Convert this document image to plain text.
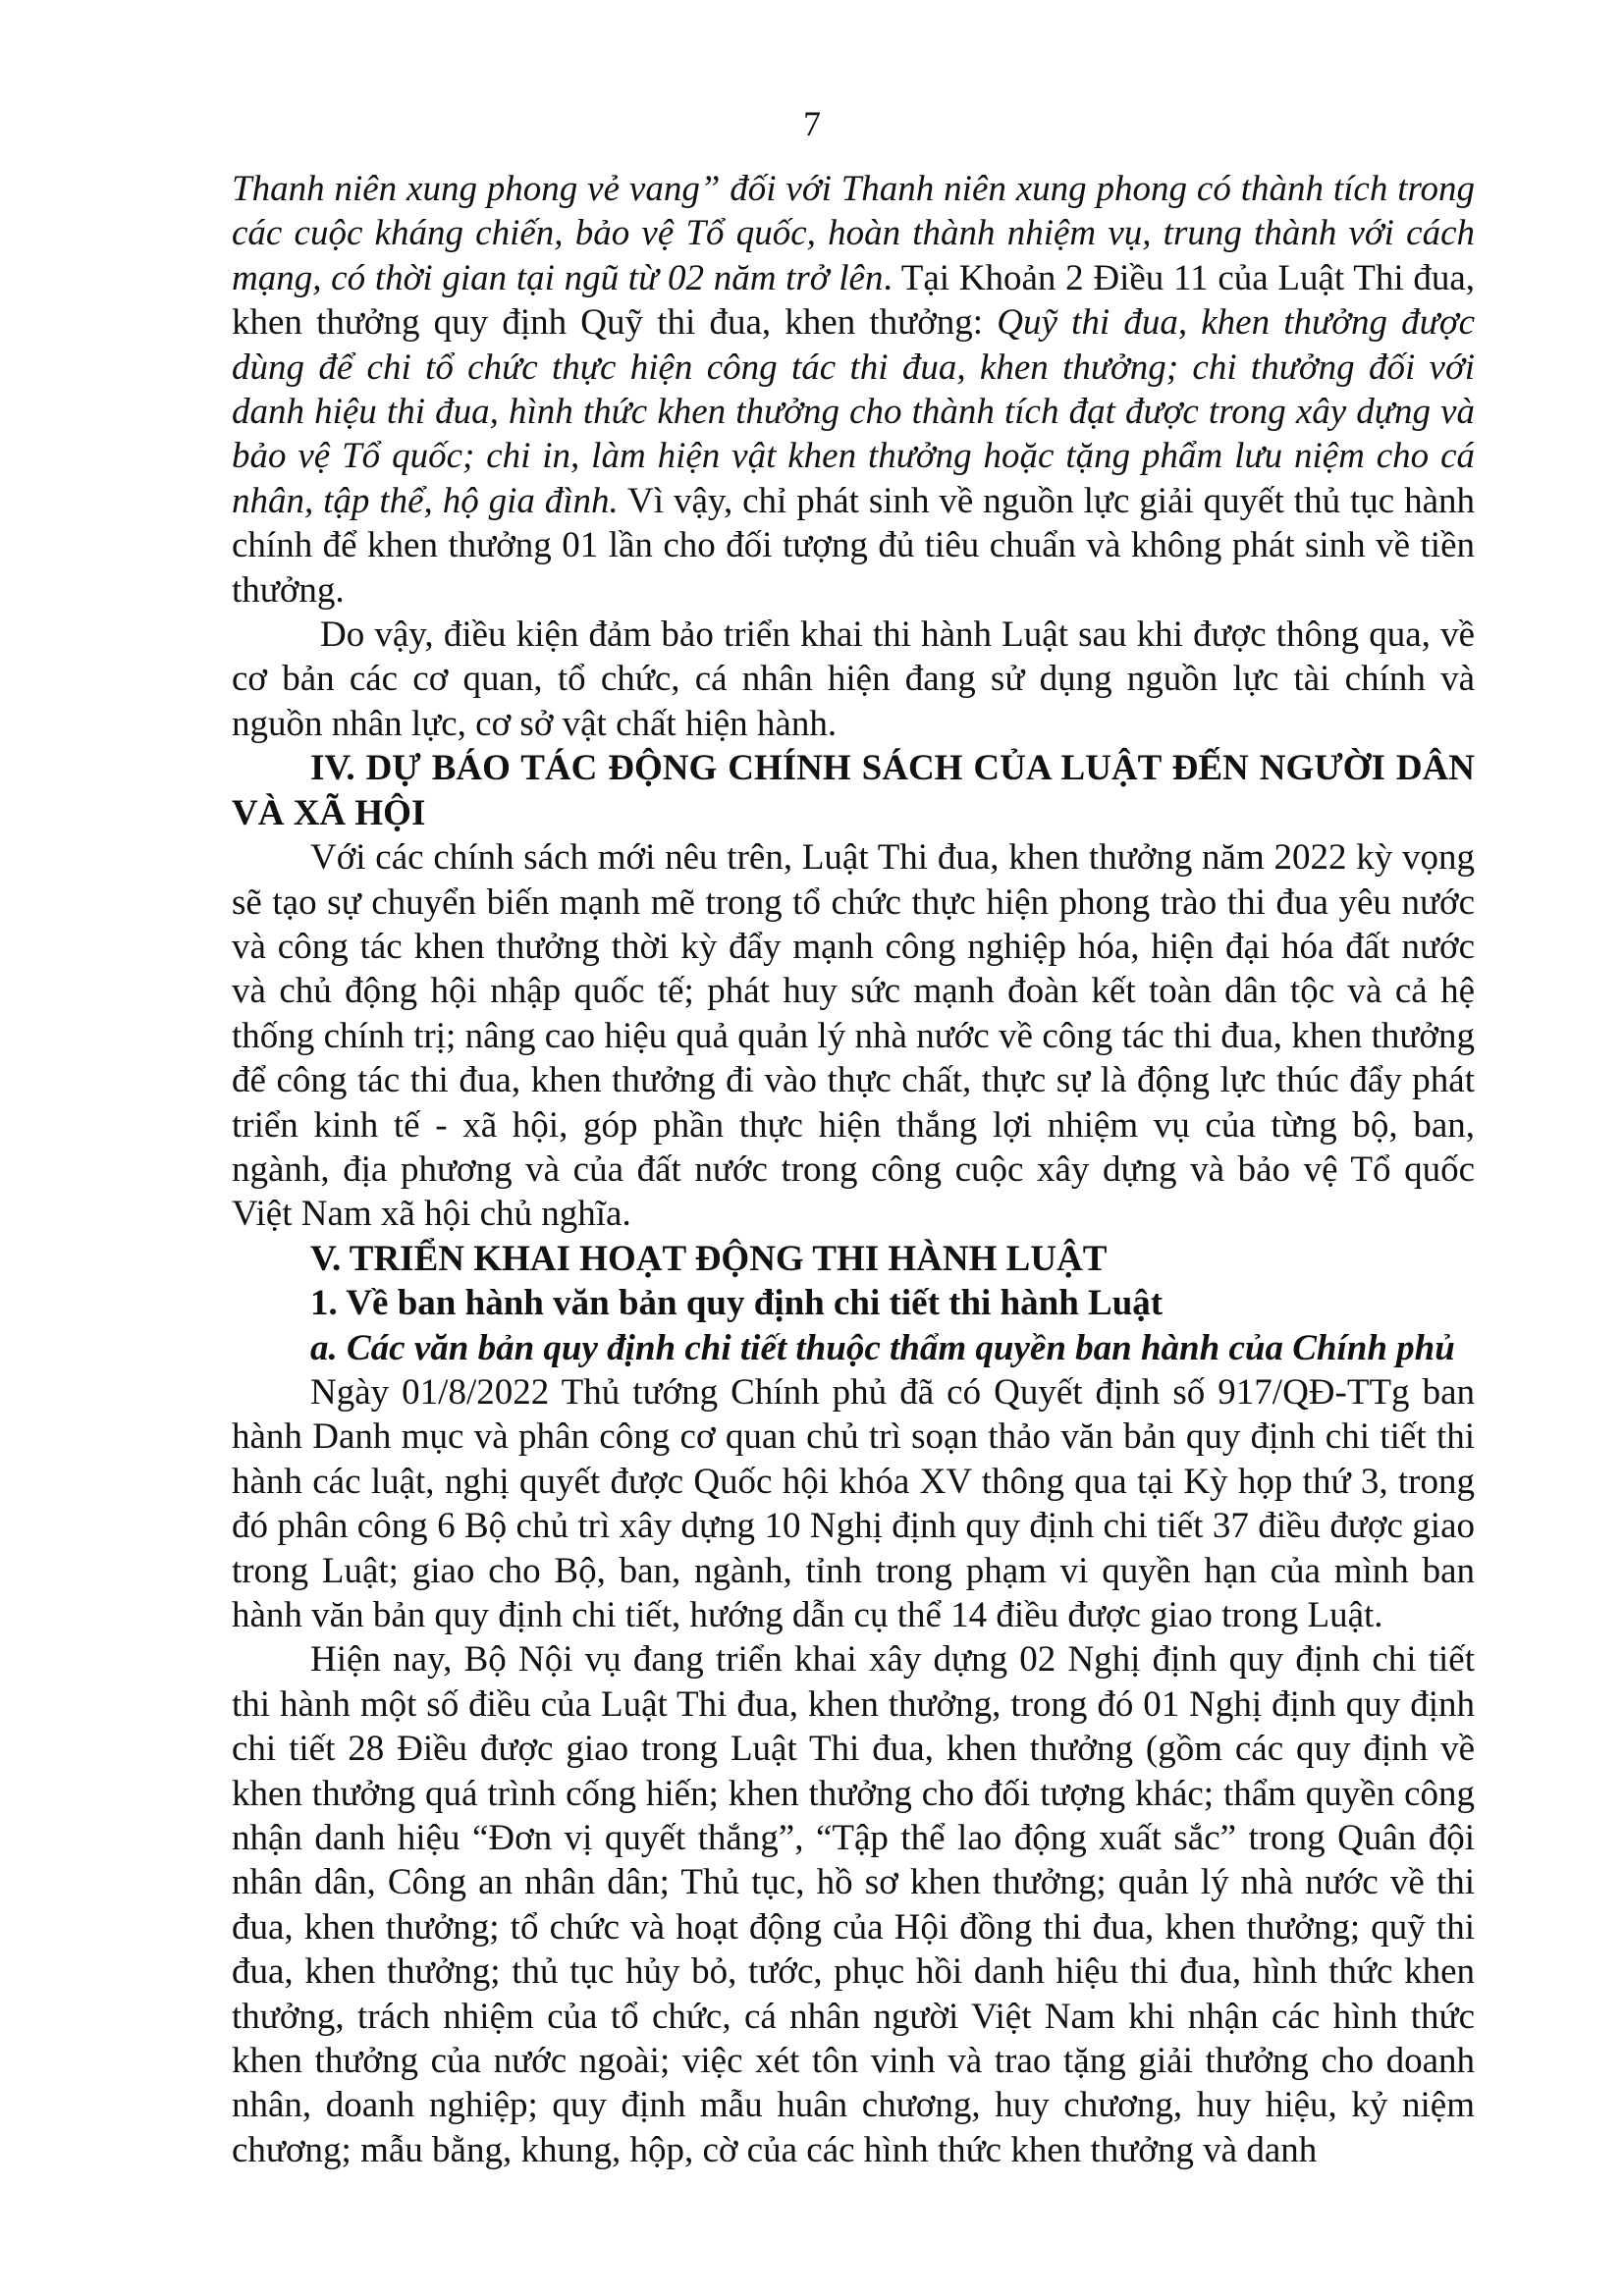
7

Thanh niên xung phong vẻ vang” đối với Thanh niên xung phong có thành tích trong các cuộc kháng chiến, bảo vệ Tổ quốc, hoàn thành nhiệm vụ, trung thành với cách mạng, có thời gian tại ngũ từ 02 năm trở lên. Tại Khoản 2 Điều 11 của Luật Thi đua, khen thưởng quy định Quỹ thi đua, khen thưởng: Quỹ thi đua, khen thưởng được dùng để chi tổ chức thực hiện công tác thi đua, khen thưởng; chi thưởng đối với danh hiệu thi đua, hình thức khen thưởng cho thành tích đạt được trong xây dựng và bảo vệ Tổ quốc; chi in, làm hiện vật khen thưởng hoặc tặng phẩm lưu niệm cho cá nhân, tập thể, hộ gia đình. Vì vậy, chỉ phát sinh về nguồn lực giải quyết thủ tục hành chính để khen thưởng 01 lần cho đối tượng đủ tiêu chuẩn và không phát sinh về tiền thưởng.

Do vậy, điều kiện đảm bảo triển khai thi hành Luật sau khi được thông qua, về cơ bản các cơ quan, tổ chức, cá nhân hiện đang sử dụng nguồn lực tài chính và nguồn nhân lực, cơ sở vật chất hiện hành.

IV. DỰ BÁO TÁC ĐỘNG CHÍNH SÁCH CỦA LUẬT ĐẾN NGƯỜI DÂN VÀ XÃ HỘI

Với các chính sách mới nêu trên, Luật Thi đua, khen thưởng năm 2022 kỳ vọng sẽ tạo sự chuyển biến mạnh mẽ trong tổ chức thực hiện phong trào thi đua yêu nước và công tác khen thưởng thời kỳ đẩy mạnh công nghiệp hóa, hiện đại hóa đất nước và chủ động hội nhập quốc tế; phát huy sức mạnh đoàn kết toàn dân tộc và cả hệ thống chính trị; nâng cao hiệu quả quản lý nhà nước về công tác thi đua, khen thưởng để công tác thi đua, khen thưởng đi vào thực chất, thực sự là động lực thúc đẩy phát triển kinh tế - xã hội, góp phần thực hiện thắng lợi nhiệm vụ của từng bộ, ban, ngành, địa phương và của đất nước trong công cuộc xây dựng và bảo vệ Tổ quốc Việt Nam xã hội chủ nghĩa.

V. TRIỂN KHAI HOẠT ĐỘNG THI HÀNH LUẬT

1. Về ban hành văn bản quy định chi tiết thi hành Luật

a. Các văn bản quy định chi tiết thuộc thẩm quyền ban hành của Chính phủ

Ngày 01/8/2022 Thủ tướng Chính phủ đã có Quyết định số 917/QĐ-TTg ban hành Danh mục và phân công cơ quan chủ trì soạn thảo văn bản quy định chi tiết thi hành các luật, nghị quyết được Quốc hội khóa XV thông qua tại Kỳ họp thứ 3, trong đó phân công 6 Bộ chủ trì xây dựng 10 Nghị định quy định chi tiết 37 điều được giao trong Luật; giao cho Bộ, ban, ngành, tỉnh trong phạm vi quyền hạn của mình ban hành văn bản quy định chi tiết, hướng dẫn cụ thể 14 điều được giao trong Luật.

Hiện nay, Bộ Nội vụ đang triển khai xây dựng 02 Nghị định quy định chi tiết thi hành một số điều của Luật Thi đua, khen thưởng, trong đó 01 Nghị định quy định chi tiết 28 Điều được giao trong Luật Thi đua, khen thưởng (gồm các quy định về khen thưởng quá trình cống hiến; khen thưởng cho đối tượng khác; thẩm quyền công nhận danh hiệu “Đơn vị quyết thắng”, “Tập thể lao động xuất sắc” trong Quân đội nhân dân, Công an nhân dân; Thủ tục, hồ sơ khen thưởng; quản lý nhà nước về thi đua, khen thưởng; tổ chức và hoạt động của Hội đồng thi đua, khen thưởng; quỹ thi đua, khen thưởng; thủ tục hủy bỏ, tước, phục hồi danh hiệu thi đua, hình thức khen thưởng, trách nhiệm của tổ chức, cá nhân người Việt Nam khi nhận các hình thức khen thưởng của nước ngoài; việc xét tôn vinh và trao tặng giải thưởng cho doanh nhân, doanh nghiệp; quy định mẫu huân chương, huy chương, huy hiệu, kỷ niệm chương; mẫu bằng, khung, hộp, cờ của các hình thức khen thưởng và danh
